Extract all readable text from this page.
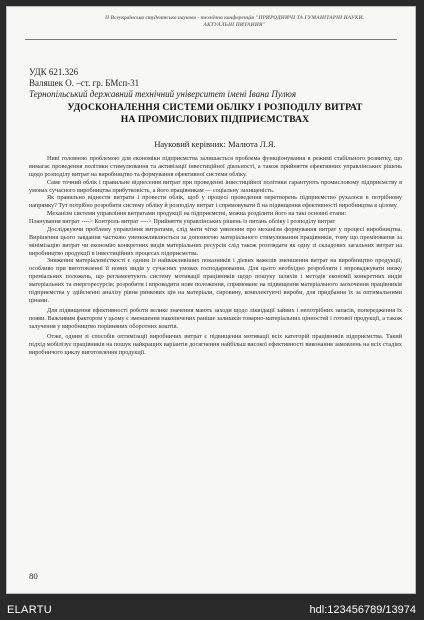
II Всеукраїнська студентська науково - технічна конференція "ПРИРОДНИЧІ ТА ГУМАНІТАРНІ НАУКИ.
АКТУАЛЬНІ ПИТАННЯ"
УДК 621.326
Валяшек О. –ст. гр. БМсп-31
Тернопільський державний технічний університет імені Івана Пулюя
УДОСКОНАЛЕННЯ СИСТЕМИ ОБЛІКУ І РОЗПОДІЛУ ВИТРАТ
НА ПРОМИСЛОВИХ ПІДПРИЄМСТВАХ
Науковий керівник: Малюта Л.Я.

Ниві головною проблемою для економіки підприємства залишається проблема функціонування в режимі стабільного розвитку, що вимагає проведення політики стимулювання та активізації інвестиційної діяльності, а також прийняття ефективних управлінських рішень щодо розподілу витрат на виробництво та формування ефективної системи обліку.

Саме точний облік і правильне віднесення витрат при проведенні інвестиційної політики гарантують промисловому підприємству в умовах сучасного виробництва прибутковість, а його працівникам — соціальну захищеність.

Як правильно віднести витрати і провести облік, щоб у процесі проведення перетворень підприємство рухалося в потрібному напрямку? Тут потрібно розробити систему обліку й розподілу витрат і спрямовувати її на підвищення ефективності виробництва в цілому.

Механізм системи управління витратами продукції на підприємстві, можна розділити його на такі основні етапи:

Планування витрат ----> Контроль витрат ----> Прийняття управлінських рішень із питань обліку і розподілу витрат

Досліджуючи проблему управління витратами, слід мати чітке уявлення про механізм формування витрат у процесі виробництва. Вирішення цього завдання частково унеможливлюється за допомогою матеріального стимулювання працівників, тому що преміювання за мінімізацію витрат чи економію конкретних видів матеріальних ресурсів слід також розглядати як одну зі складових загальних витрат на виробництво продукції в інвестиційних процесах підприємства.

Зниження матеріаломісткості є одним із найважливіших показників і дієвих важелів зменшення витрат на виробництво продукції, особливо при виготовленні її нових видів у сучасних умовах господарювання. Для цього необхідно розробляти і впроваджувати низку преміальних положень, що регламентують систему мотивації працівників щодо пошуку шляхів і методів економії конкретних видів матеріальних та енергоресурсів; розробити і впровадити нове положення, спрямоване на підвищення матеріального заохочення працівників підприємства у здійсненні аналізу рівня ринкових цін на матеріали, сировину, комплектуючі вироби, для придбання їх за оптимальними цінами.

Для підвищення ефективності роботи велике значення мають заходи щодо ліквідації зайвих і непотрібних запасів, попередження їх появи. Важливим фактором у цьому є зменшення накопичених раніше залишків товарно-матеріальних цінностей і готової продукції, а також залучення у виробництво порівняних оборотних коштів.

Отже, одним зі способів оптимізації виробничих витрат є підвищення мотивації всіх категорій працівників підприємства. Такий підхід мобілізує працівників на пошук найкращих варіантів досягнення найбільш високої ефективності виконання замовлень на всіх стадіях виробничого циклу виготовлення продукції.

80
ELARTU	hdl:123456789/13974
